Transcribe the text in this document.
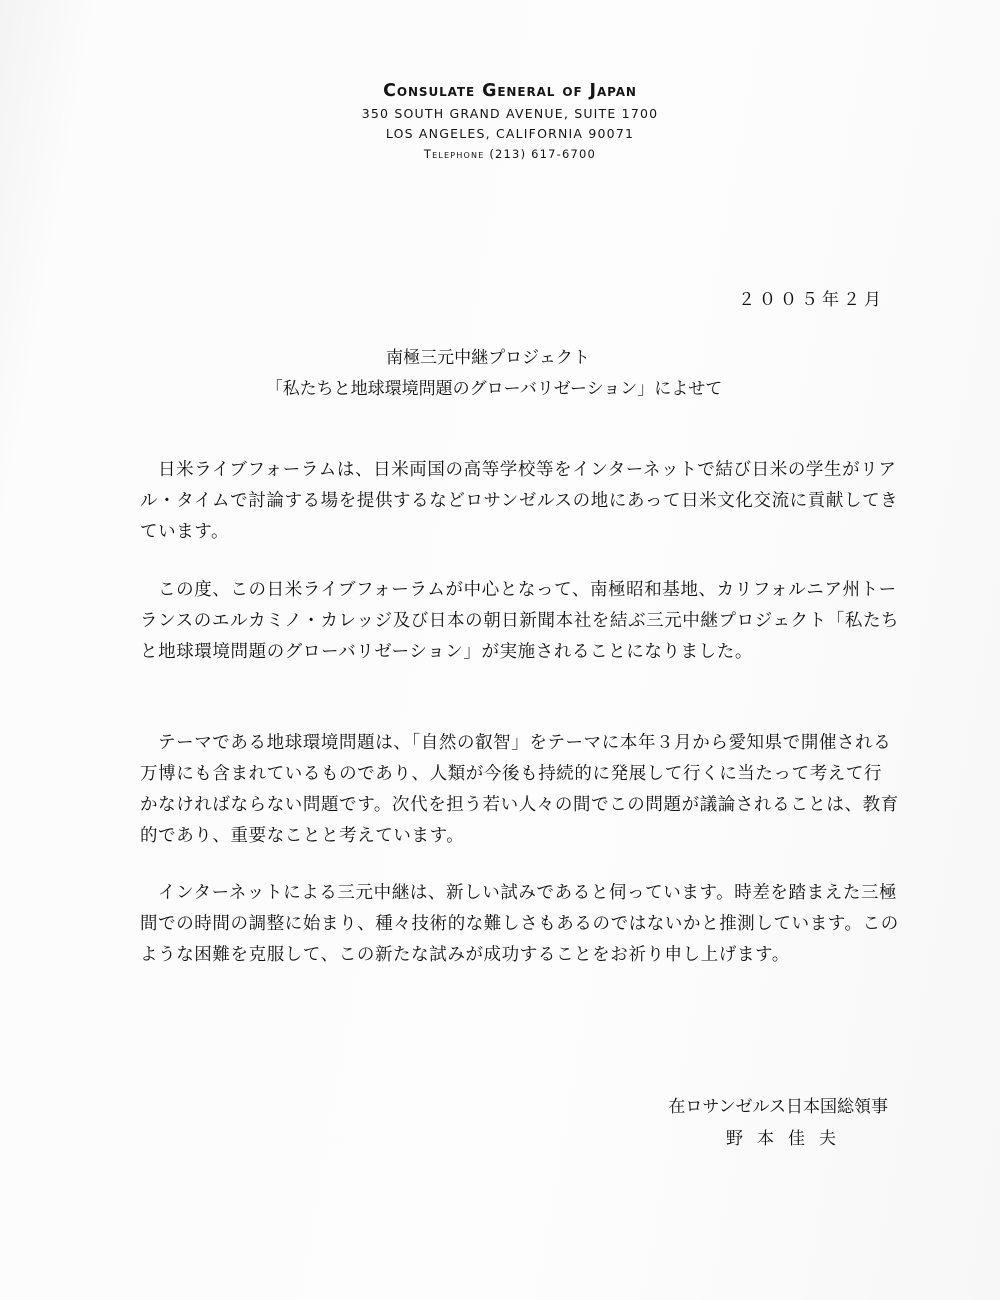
Consulate General of Japan
350 SOUTH GRAND AVENUE, SUITE 1700
LOS ANGELES, CALIFORNIA 90071
Telephone (213) 617-6700
２００５年２月
南極三元中継プロジェクト
「私たちと地球環境問題のグローバリゼーション」によせて

日米ライブフォーラムは、日米両国の高等学校等をインターネットで結び日米の学生がリアル・タイムで討論する場を提供するなどロサンゼルスの地にあって日米文化交流に貢献してきています。

この度、この日米ライブフォーラムが中心となって、南極昭和基地、カリフォルニア州トーランスのエルカミノ・カレッジ及び日本の朝日新聞本社を結ぶ三元中継プロジェクト「私たちと地球環境問題のグローバリゼーション」が実施されることになりました。

テーマである地球環境問題は、「自然の叡智」をテーマに本年３月から愛知県で開催される万博にも含まれているものであり、人類が今後も持続的に発展して行くに当たって考えて行かなければならない問題です。次代を担う若い人々の間でこの問題が議論されることは、教育的であり、重要なことと考えています。

インターネットによる三元中継は、新しい試みであると伺っています。時差を踏まえた三極間での時間の調整に始まり、種々技術的な難しさもあるのではないかと推測しています。このような困難を克服して、この新たな試みが成功することをお祈り申し上げます。

在ロサンゼルス日本国総領事
野本佳夫
